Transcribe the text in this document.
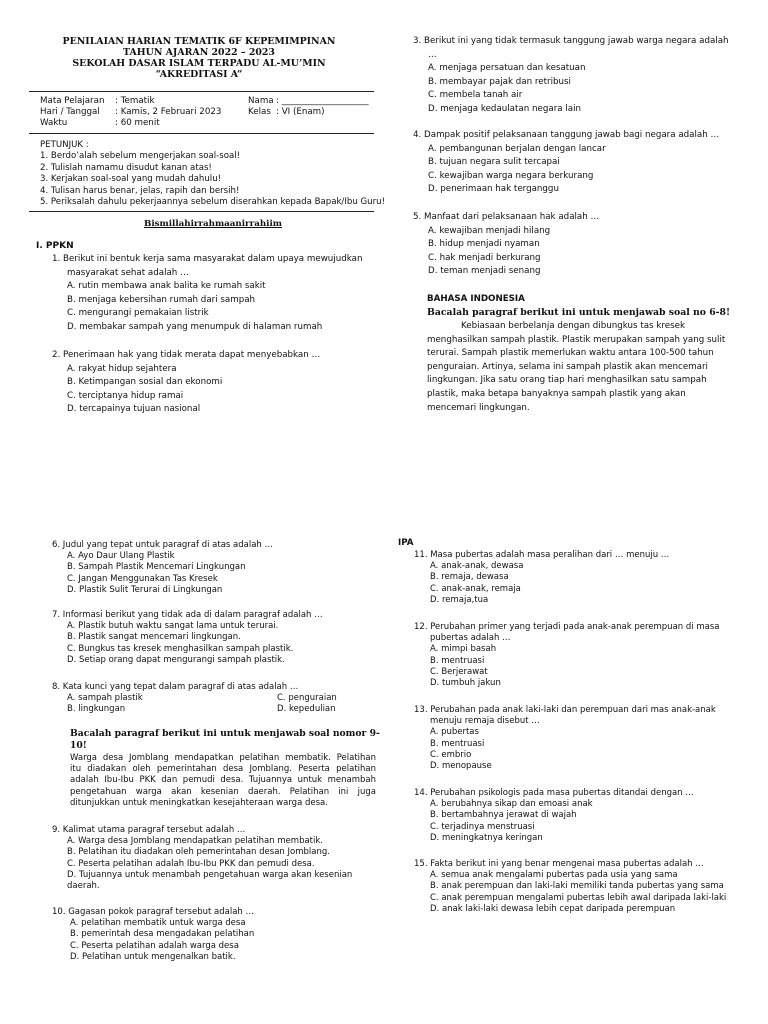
PENILAIAN HARIAN TEMATIK 6F KEPEMIMPINAN
TAHUN AJARAN 2022 – 2023
SEKOLAH DASAR ISLAM TERPADU AL-MU’MIN
“AKREDITASI A”
Mata Pelajaran : Tematik
Hari / Tanggal : Kamis, 2 Februari 2023
Waktu	: 60 menit
Nama : ____________________
Kelas : VI (Enam)
PETUNJUK :
1. Berdo’alah sebelum mengerjakan soal-soal!
2. Tulislah namamu disudut kanan atas!
3. Kerjakan soal-soal yang mudah dahulu!
4. Tulisan harus benar, jelas, rapih dan bersih!
5. Periksalah dahulu pekerjaannya sebelum diserahkan kepada Bapak/Ibu Guru!
Bismillahirrahmaanirrahiim
I. PPKN
1. Berikut ini bentuk kerja sama masyarakat dalam upaya mewujudkan
masyarakat sehat adalah …
A. rutin membawa anak balita ke rumah sakit
B. menjaga kebersihan rumah dari sampah
C. mengurangi pemakaian listrik
D. membakar sampah yang menumpuk di halaman rumah
2. Penerimaan hak yang tidak merata dapat menyebabkan …
A. rakyat hidup sejahtera
B. Ketimpangan sosial dan ekonomi
C. terciptanya hidup ramai
D. tercapainya tujuan nasional
3. Berikut ini yang tidak termasuk tanggung jawab warga negara adalah
…
A. menjaga persatuan dan kesatuan
B. membayar pajak dan retribusi
C. membela tanah air
D. menjaga kedaulatan negara lain
4. Dampak positif pelaksanaan tanggung jawab bagi negara adalah …
A. pembangunan berjalan dengan lancar
B. tujuan negara sulit tercapai
C. kewajiban warga negara berkurang
D. penerimaan hak terganggu
5. Manfaat dari pelaksanaan hak adalah …
A. kewajiban menjadi hilang
B. hidup menjadi nyaman
C. hak menjadi berkurang
D. teman menjadi senang
BAHASA INDONESIA
Bacalah paragraf berikut ini untuk menjawab soal no 6-8!
Kebiasaan berbelanja dengan dibungkus tas kresek
menghasilkan sampah plastik. Plastik merupakan sampah yang sulit
terurai. Sampah plastik memerlukan waktu antara 100-500 tahun
penguraian. Artinya, selama ini sampah plastik akan mencemari
lingkungan. Jika satu orang tiap hari menghasilkan satu sampah
plastik, maka betapa banyaknya sampah plastik yang akan
mencemari lingkungan.
6. Judul yang tepat untuk paragraf di atas adalah …
A. Ayo Daur Ulang Plastik
B. Sampah Plastik Mencemari Lingkungan
C. Jangan Menggunakan Tas Kresek
D. Plastik Sulit Terurai di Lingkungan
7. Informasi berikut yang tidak ada di dalam paragraf adalah …
A. Plastik butuh waktu sangat lama untuk terurai.
B. Plastik sangat mencemari lingkungan.
C. Bungkus tas kresek menghasilkan sampah plastik.
D. Setiap orang dapat mengurangi sampah plastik.
8. Kata kunci yang tepat dalam paragraf di atas adalah …
A. sampah plastik	C. penguraian
B. lingkungan	D. kepedulian
Bacalah paragraf berikut ini untuk menjawab soal nomor 9-
10!
Warga desa Jomblang mendapatkan pelatihan membatik. Pelatihan
itu diadakan oleh pemerintahan desa Jomblang. Peserta pelatihan
adalah Ibu-Ibu PKK dan pemudi desa. Tujuannya untuk menambah
pengetahuan warga akan kesenian daerah. Pelatihan ini juga
ditunjukkan untuk meningkatkan kesejahteraan warga desa.
9. Kalimat utama paragraf tersebut adalah …
A. Warga desa Jomblang mendapatkan pelatihan membatik.
B. Pelatihan itu diadakan oleh pemerintahan desan Jomblang.
C. Peserta pelatihan adalah Ibu-Ibu PKK dan pemudi desa.
D. Tujuannya untuk menambah pengetahuan warga akan kesenian
daerah.
10. Gagasan pokok paragraf tersebut adalah …
A. pelatihan membatik untuk warga desa
B. pemerintah desa mengadakan pelatihan
C. Peserta pelatihan adalah warga desa
D. Pelatihan untuk mengenalkan batik.
IPA
11. Masa pubertas adalah masa peralihan dari … menuju …
A. anak-anak, dewasa
B. remaja, dewasa
C. anak-anak, remaja
D. remaja,tua
12. Perubahan primer yang terjadi pada anak-anak perempuan di masa
pubertas adalah …
A. mimpi basah
B. mentruasi
C. Berjerawat
D. tumbuh jakun
13. Perubahan pada anak laki-laki dan perempuan dari mas anak-anak
menuju remaja disebut …
A. pubertas
B. mentruasi
C. embrio
D. menopause
14. Perubahan psikologis pada masa pubertas ditandai dengan …
A. berubahnya sikap dan emoasi anak
B. bertambahnya jerawat di wajah
C. terjadinya menstruasi
D. meningkatnya keringan
15. Fakta berikut ini yang benar mengenai masa pubertas adalah …
A. semua anak mengalami pubertas pada usia yang sama
B. anak perempuan dan laki-laki memiliki tanda pubertas yang sama
C. anak perempuan mengalami pubertas lebih awal daripada laki-laki
D. anak laki-laki dewasa lebih cepat daripada perempuan
